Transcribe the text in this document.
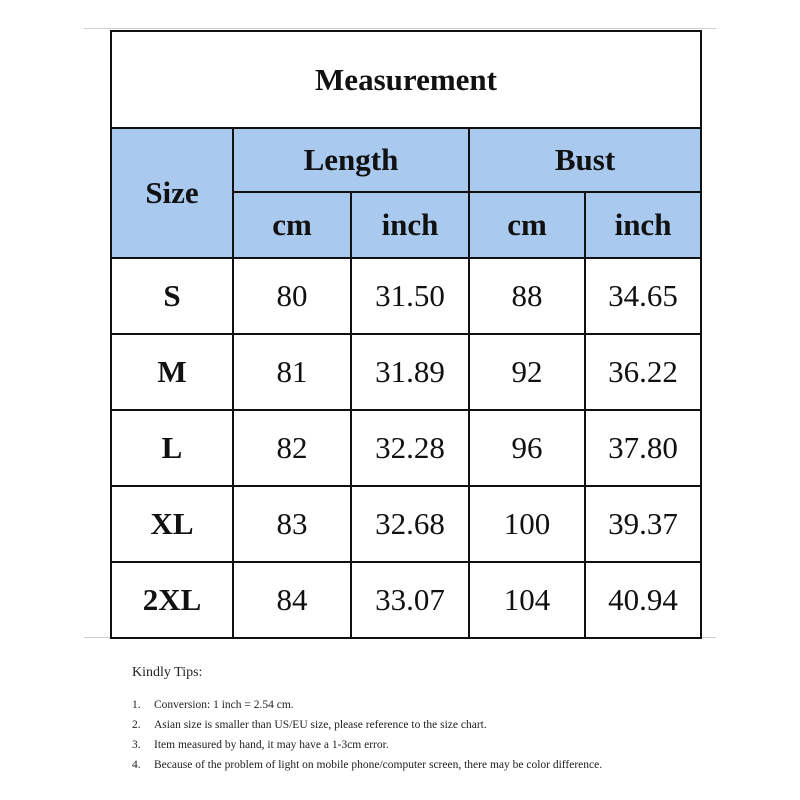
Measurement				
Size	Length		Bust	
	cm	inch	cm	inch
S	80	31.50	88	34.65
M	81	31.89	92	36.22
L	82	32.28	96	37.80
XL	83	32.68	100	39.37
2XL	84	33.07	104	40.94
Kindly Tips:
1.	Conversion: 1 inch = 2.54 cm.
2.	Asian size is smaller than US/EU size, please reference to the size chart.
3.	Item measured by hand, it may have a 1-3cm error.
4.	Because of the problem of light on mobile phone/computer screen, there may be color difference.
